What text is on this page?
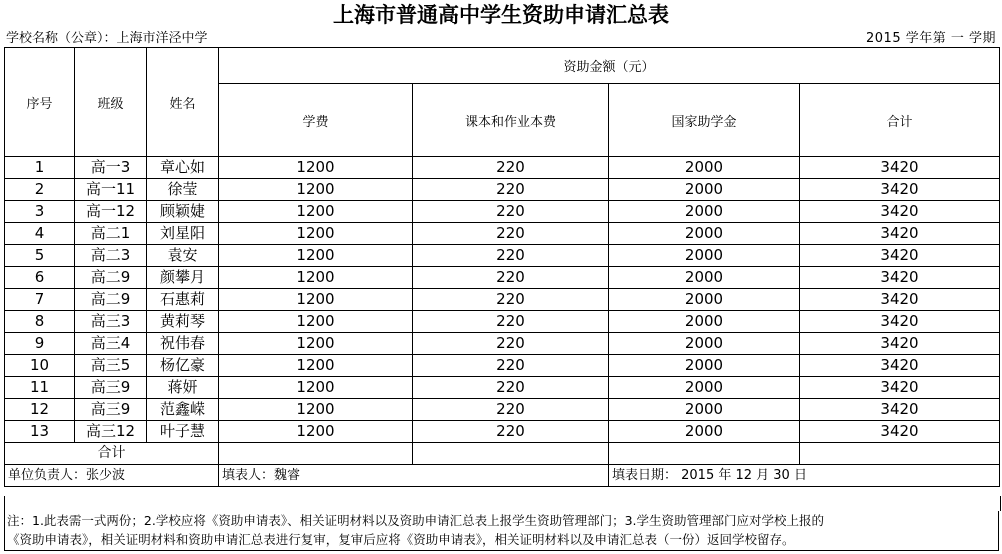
上海市普通高中学生资助申请汇总表
学校名称（公章）：上海市洋泾中学	2015 学年第 一 学期
序号	班级	姓名	资助金额（元）			
			学费	课本和作业本费	国家助学金	合计
1	高一3	章心如	1200	220	2000	3420
2	高一11	徐莹	1200	220	2000	3420
3	高一12	顾颖婕	1200	220	2000	3420
4	高二1	刘星阳	1200	220	2000	3420
5	高二3	袁安	1200	220	2000	3420
6	高二9	颜攀月	1200	220	2000	3420
7	高二9	石惠莉	1200	220	2000	3420
8	高三3	黄莉琴	1200	220	2000	3420
9	高三4	祝伟春	1200	220	2000	3420
10	高三5	杨亿豪	1200	220	2000	3420
11	高三9	蒋妍	1200	220	2000	3420
12	高三9	范鑫嵘	1200	220	2000	3420
13	高三12	叶子慧	1200	220	2000	3420
合计						
单位负责人：张少波			填表人：魏睿		填表日期： 2015 年 12 月 30 日	
注：1.此表需一式两份；2.学校应将《资助申请表》、相关证明材料以及资助申请汇总表上报学生资助管理部门；3.学生资助管理部门应对学校上报的
《资助申请表》，相关证明材料和资助申请汇总表进行复审，复审后应将《资助申请表》，相关证明材料以及申请汇总表（一份）返回学校留存。
